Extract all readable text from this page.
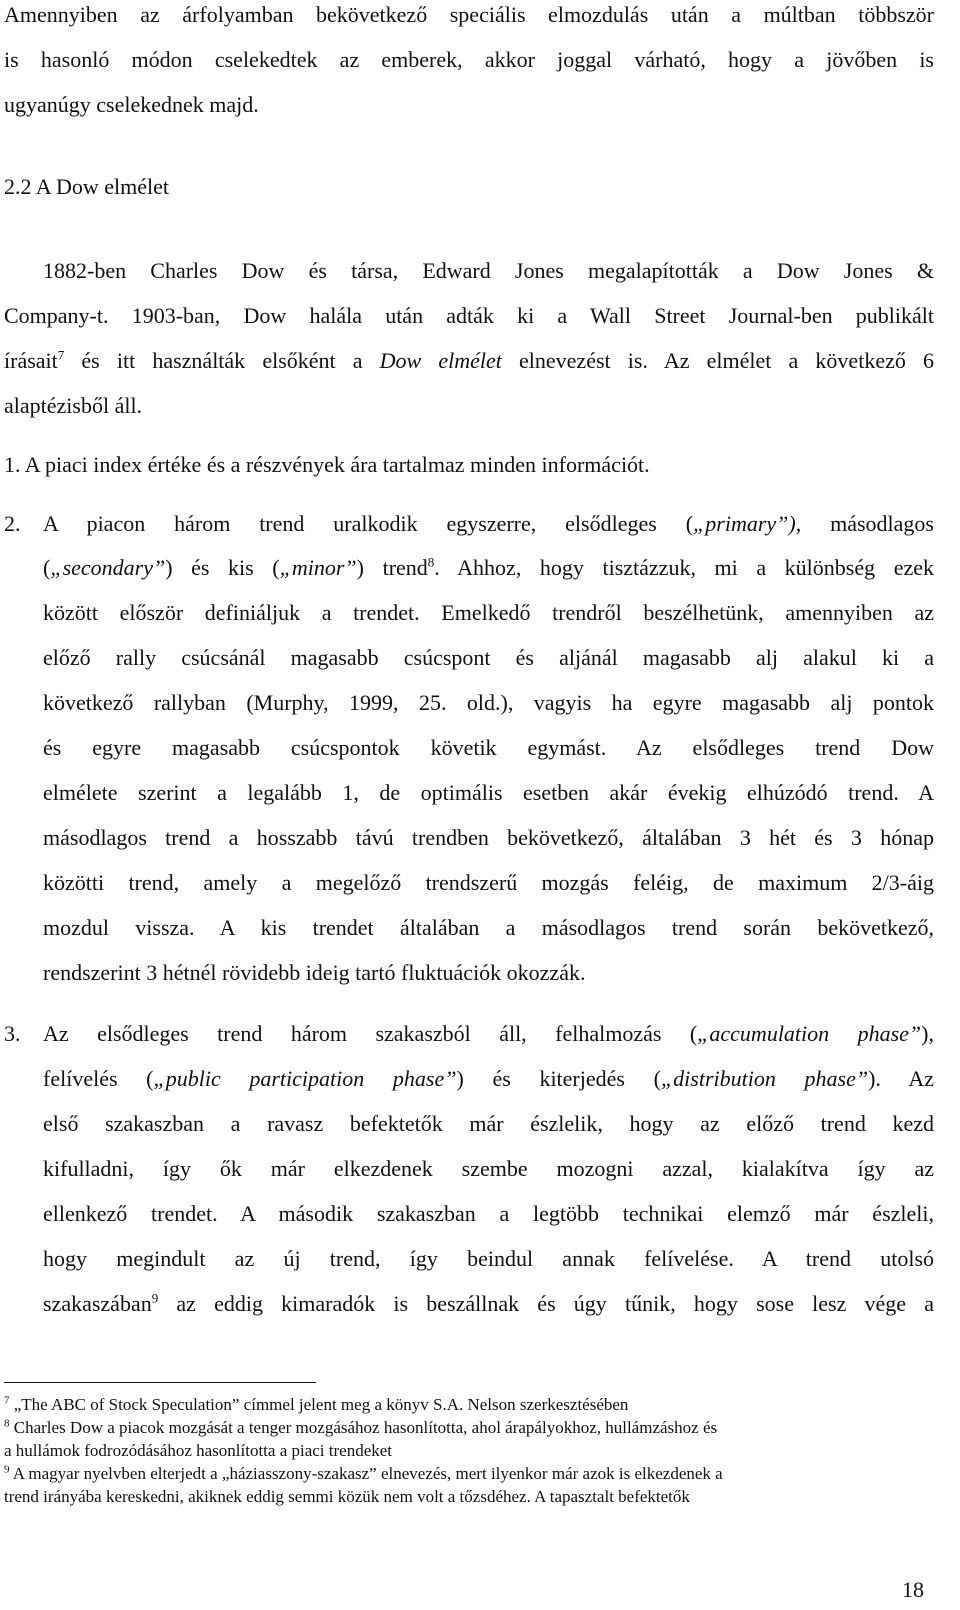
Amennyiben az árfolyamban bekövetkező speciális elmozdulás után a múltban többször
is hasonló módon cselekedtek az emberek, akkor joggal várható, hogy a jövőben is
ugyanúgy cselekednek majd.
2.2 A Dow elmélet
1882-ben Charles Dow és társa, Edward Jones megalapították a Dow Jones &
Company-t. 1903-ban, Dow halála után adták ki a Wall Street Journal-ben publikált
írásait$^7$ és itt használták elsőként a Dow elmélet elnevezést is. Az elmélet a következő 6
alaptézisből áll.
1. A piaci index értéke és a részvények ára tartalmaz minden információt.
2. A piacon három trend uralkodik egyszerre, elsődleges („primary”), másodlagos
(„secondary”) és kis („minor”) trend$^8$. Ahhoz, hogy tisztázzuk, mi a különbség ezek
között először definiáljuk a trendet. Emelkedő trendről beszélhetünk, amennyiben az
előző rally csúcsánál magasabb csúcspont és aljánál magasabb alj alakul ki a
következő rallyban (Murphy, 1999, 25. old.), vagyis ha egyre magasabb alj pontok
és egyre magasabb csúcspontok követik egymást. Az elsődleges trend Dow
elmélete szerint a legalább 1, de optimális esetben akár évekig elhúzódó trend. A
másodlagos trend a hosszabb távú trendben bekövetkező, általában 3 hét és 3 hónap
közötti trend, amely a megelőző trendszerű mozgás feléig, de maximum 2/3-áig
mozdul vissza. A kis trendet általában a másodlagos trend során bekövetkező,
rendszerint 3 hétnél rövidebb ideig tartó fluktuációk okozzák.
3. Az elsődleges trend három szakaszból áll, felhalmozás („accumulation phase”),
felívelés („public participation phase”) és kiterjedés („distribution phase”). Az
első szakaszban a ravasz befektetők már észlelik, hogy az előző trend kezd
kifulladni, így ők már elkezdenek szembe mozogni azzal, kialakítva így az
ellenkező trendet. A második szakaszban a legtöbb technikai elemző már észleli,
hogy megindult az új trend, így beindul annak felívelése. A trend utolsó
szakaszában$^9$ az eddig kimaradók is beszállnak és úgy tűnik, hogy sose lesz vége a
$^7$ „The ABC of Stock Speculation” címmel jelent meg a könyv S.A. Nelson szerkesztésében
$^8$ Charles Dow a piacok mozgását a tenger mozgásához hasonlította, ahol árapályokhoz, hullámzáshoz és
a hullámok fodrozódásához hasonlította a piaci trendeket
$^9$ A magyar nyelvben elterjedt a „háziasszony-szakasz” elnevezés, mert ilyenkor már azok is elkezdenek a
trend irányába kereskedni, akiknek eddig semmi közük nem volt a tőzsdéhez. A tapasztalt befektetők
18
